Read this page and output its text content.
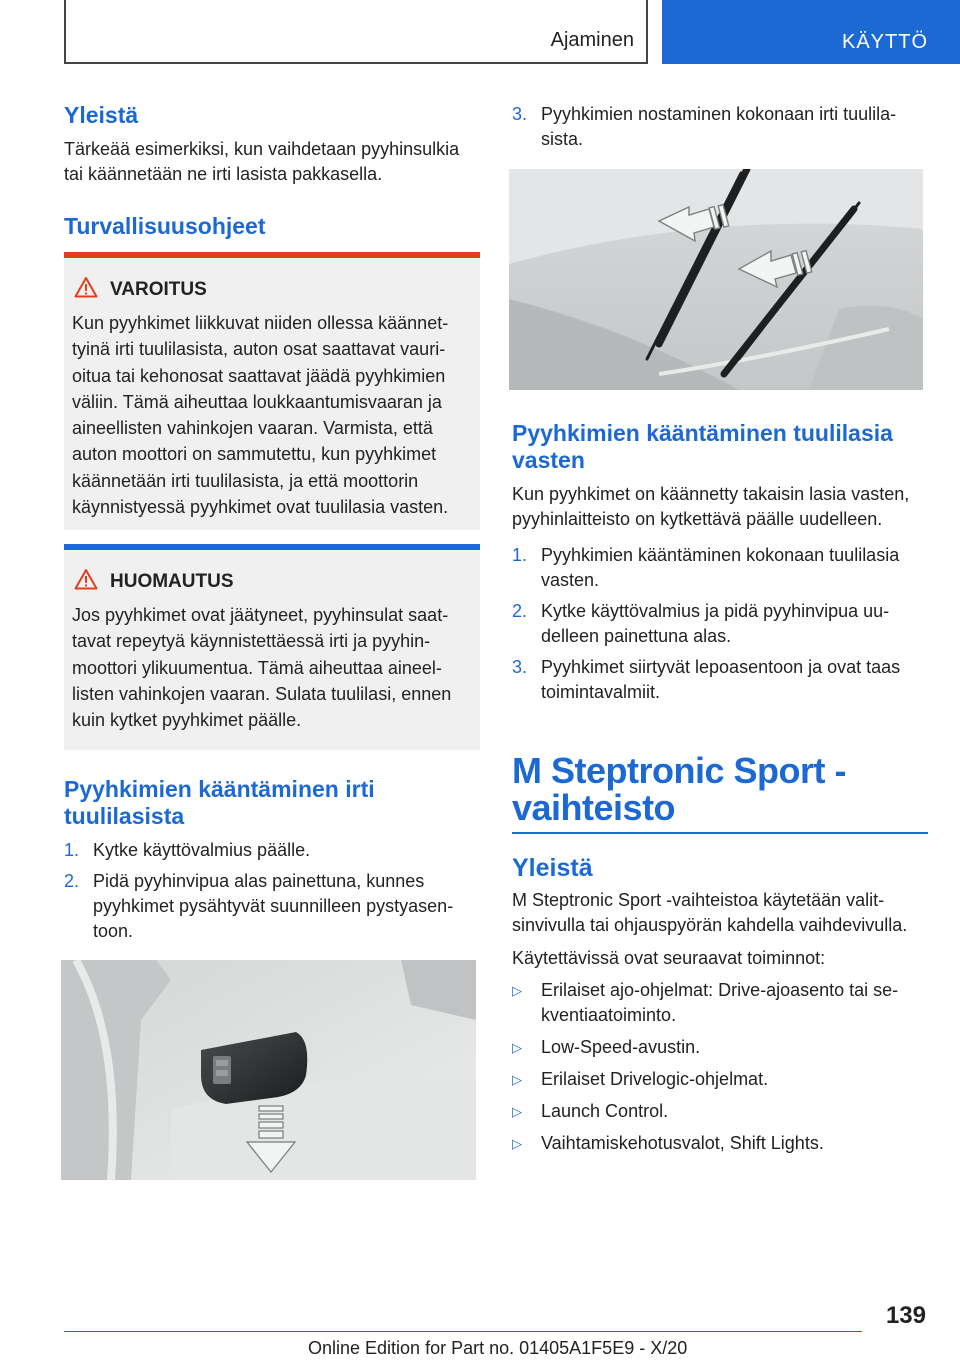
Ajaminen	KÄYTTÖ
Yleistä
Tärkeää esimerkiksi, kun vaihdetaan pyyhinsulkia
tai käännetään ne irti lasista pakkasella.
Turvallisuusohjeet
VAROITUS
Kun pyyhkimet liikkuvat niiden ollessa käännet-
tyinä irti tuulilasista, auton osat saattavat vauri-
oitua tai kehonosat saattavat jäädä pyyhkimien
väliin. Tämä aiheuttaa loukkaantumisvaaran ja
aineellisten vahinkojen vaaran. Varmista, että
auton moottori on sammutettu, kun pyyhkimet
käännetään irti tuulilasista, ja että moottorin
käynnistyessä pyyhkimet ovat tuulilasia vasten.
HUOMAUTUS
Jos pyyhkimet ovat jäätyneet, pyyhinsulat saat-
tavat repeytyä käynnistettäessä irti ja pyyhin-
moottori ylikuumentua. Tämä aiheuttaa aineel-
listen vahinkojen vaaran. Sulata tuulilasi, ennen
kuin kytket pyyhkimet päälle.
Pyyhkimien kääntäminen irti
tuulilasista
1. Kytke käyttövalmius päälle.
2. Pidä pyyhinvipua alas painettuna, kunnes
pyyhkimet pysähtyvät suunnilleen pystyasen-
toon.
3. Pyyhkimien nostaminen kokonaan irti tuulila-
sista.
Pyyhkimien kääntäminen tuulilasia
vasten
Kun pyyhkimet on käännetty takaisin lasia vasten,
pyyhinlaitteisto on kytkettävä päälle uudelleen.
1. Pyyhkimien kääntäminen kokonaan tuulilasia
vasten.
2. Kytke käyttövalmius ja pidä pyyhinvipua uu-
delleen painettuna alas.
3. Pyyhkimet siirtyvät lepoasentoon ja ovat taas
toimintavalmiit.
M Steptronic Sport -
vaihteisto
Yleistä
M Steptronic Sport -vaihteistoa käytetään valit-
sinvivulla tai ohjauspyörän kahdella vaihdevivulla.
Käytettävissä ovat seuraavat toiminnot:
▷ Erilaiset ajo-ohjelmat: Drive-ajoasento tai se-
kventiaatoiminto.
▷ Low-Speed-avustin.
▷ Erilaiset Drivelogic-ohjelmat.
▷ Launch Control.
▷ Vaihtamiskehotusvalot, Shift Lights.
139
Online Edition for Part no. 01405A1F5E9 - X/20
